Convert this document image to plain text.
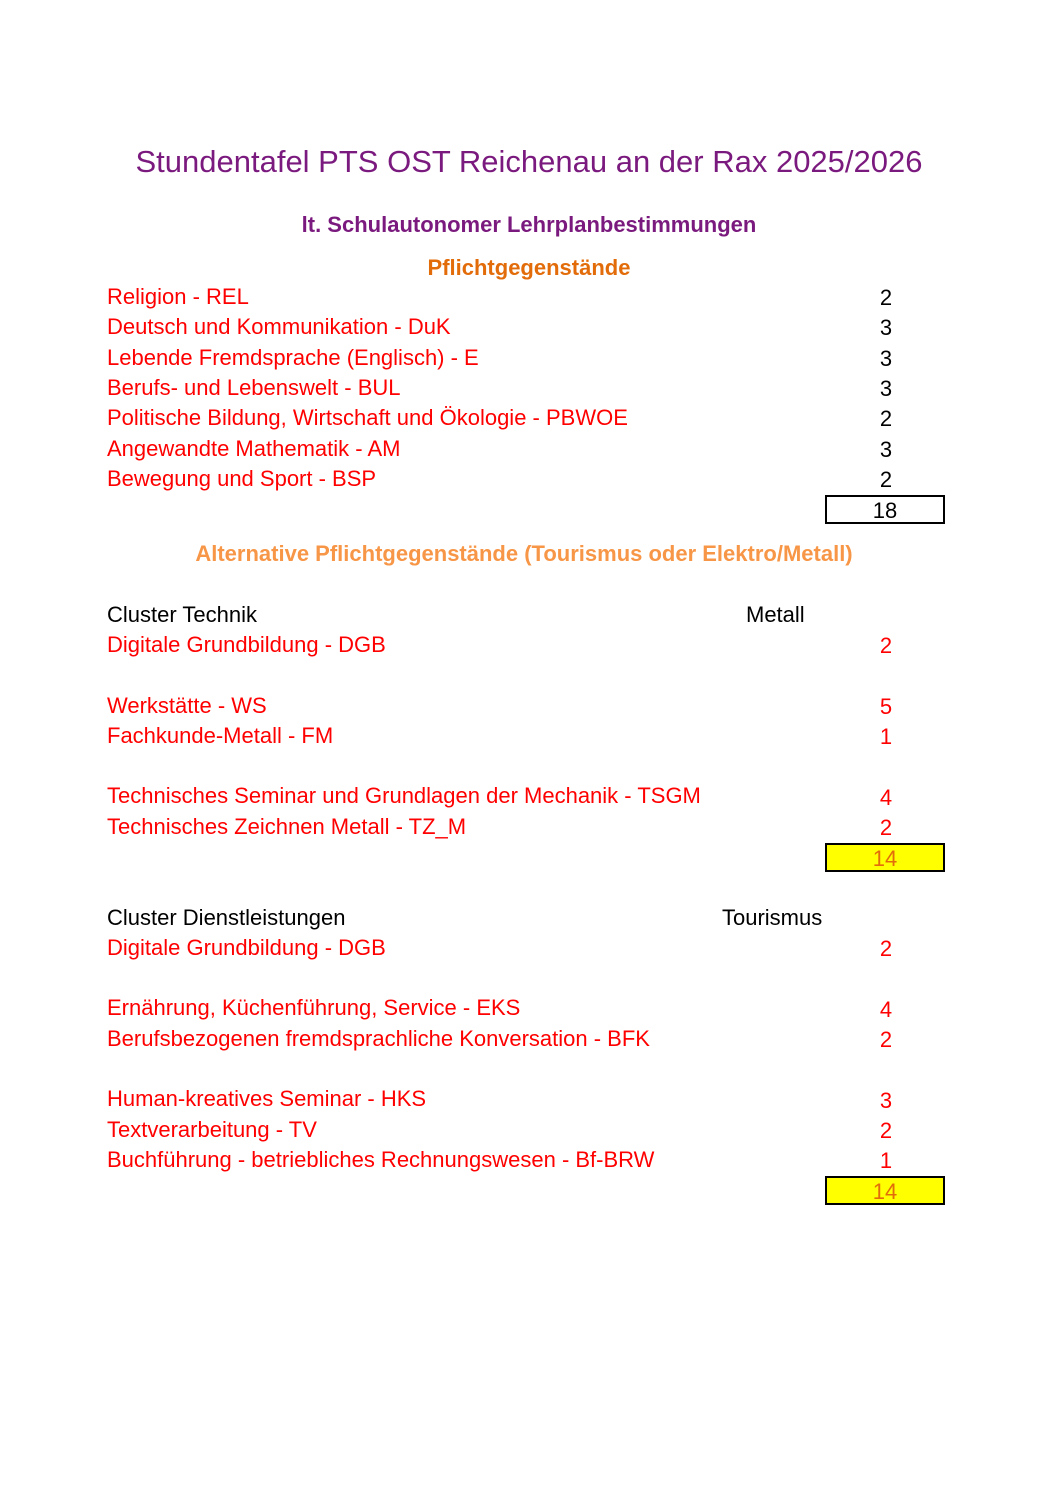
Stundentafel PTS OST Reichenau an der Rax 2025/2026
lt. Schulautonomer Lehrplanbestimmungen
Pflichtgegenstände
Religion - REL	2
Deutsch und Kommunikation - DuK	3
Lebende Fremdsprache (Englisch) - E	3
Berufs- und Lebenswelt - BUL	3
Politische Bildung, Wirtschaft und Ökologie - PBWOE	2
Angewandte Mathematik - AM	3
Bewegung und Sport - BSP	2
18
Alternative Pflichtgegenstände (Tourismus oder Elektro/Metall)
Cluster Technik	Metall
Digitale Grundbildung - DGB	2
Werkstätte - WS	5
Fachkunde-Metall - FM	1
Technisches Seminar und Grundlagen der Mechanik - TSGM	4
Technisches Zeichnen Metall - TZ_M	2
14
Cluster Dienstleistungen	Tourismus
Digitale Grundbildung - DGB	2
Ernährung, Küchenführung, Service - EKS	4
Berufsbezogenen fremdsprachliche Konversation - BFK	2
Human-kreatives Seminar - HKS	3
Textverarbeitung - TV	2
Buchführung - betriebliches Rechnungswesen - Bf-BRW	1
14
